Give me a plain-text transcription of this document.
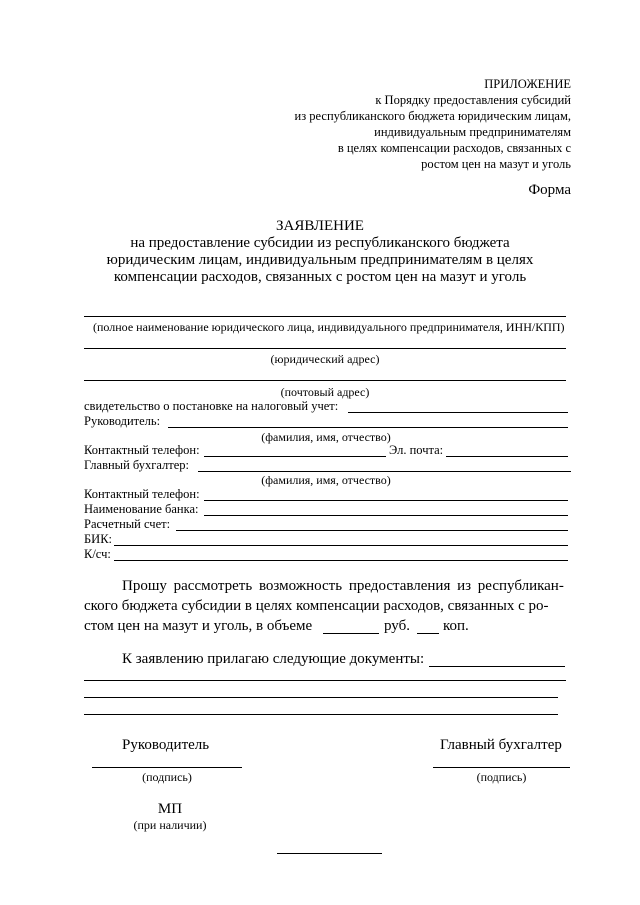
ПРИЛОЖЕНИЕ
к Порядку предоставления субсидий
из республиканского бюджета юридическим лицам,
индивидуальным предпринимателям
в целях компенсации расходов, связанных с
ростом цен на мазут и уголь
Форма
ЗАЯВЛЕНИЕ
на предоставление субсидии из республиканского бюджета
юридическим лицам, индивидуальным предпринимателям в целях
компенсации расходов, связанных с ростом цен на мазут и уголь
(полное наименование юридического лица, индивидуального предпринимателя, ИНН/КПП)
(юридический адрес)
(почтовый адрес)
свидетельство о постановке на налоговый учет:
Руководитель:
(фамилия, имя, отчество)
Контактный телефон:	Эл. почта:
Главный бухгалтер:
(фамилия, имя, отчество)
Контактный телефон:
Наименование банка:
Расчетный счет:
БИК:
К/сч:
Прошу рассмотреть возможность предоставления из республикан-
ского бюджета субсидии в целях компенсации расходов, связанных с ро-
стом цен на мазут и уголь, в объеме	руб. коп.
К заявлению прилагаю следующие документы:
Руководитель	Главный бухгалтер
(подпись)	(подпись)
МП
(при наличии)
